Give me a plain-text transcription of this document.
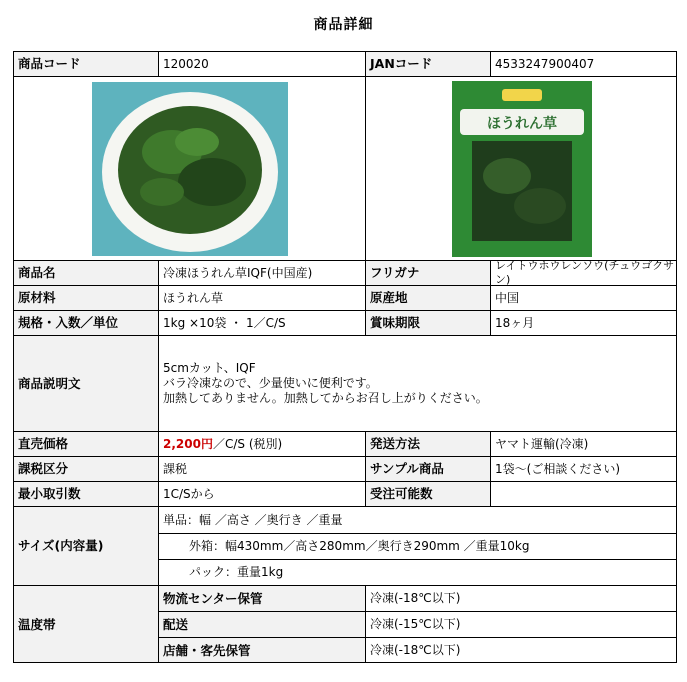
商品詳細
商品コード	120020	JANコード	4533247900407
ほうれん草
商品名	冷凍ほうれん草IQF(中国産)	フリガナ	レイトウホウレンソウ(チュウゴクサン)
原材料	ほうれん草	原産地	中国
規格・入数／単位	1kg ×10袋 ・ 1／C/S	賞味期限	18ヶ月
商品説明文
5cmカット、IQF
バラ冷凍なので、少量使いに便利です。
加熱してありません。加熱してからお召し上がりください。
直売価格	2,200円 ／C/S (税別)	発送方法	ヤマト運輸(冷凍)
課税区分	課税	サンプル商品	1袋～(ご相談ください)
最小取引数	1C/Sから	受注可能数
サイズ(内容量)
単品：幅 ／高さ ／奥行き ／重量
外箱：幅430mm／高さ280mm／奥行き290mm ／重量10kg
パック：重量1kg
温度帯
物流センター保管	冷凍(-18℃以下)
配送	冷凍(-15℃以下)
店舗・客先保管	冷凍(-18℃以下)
